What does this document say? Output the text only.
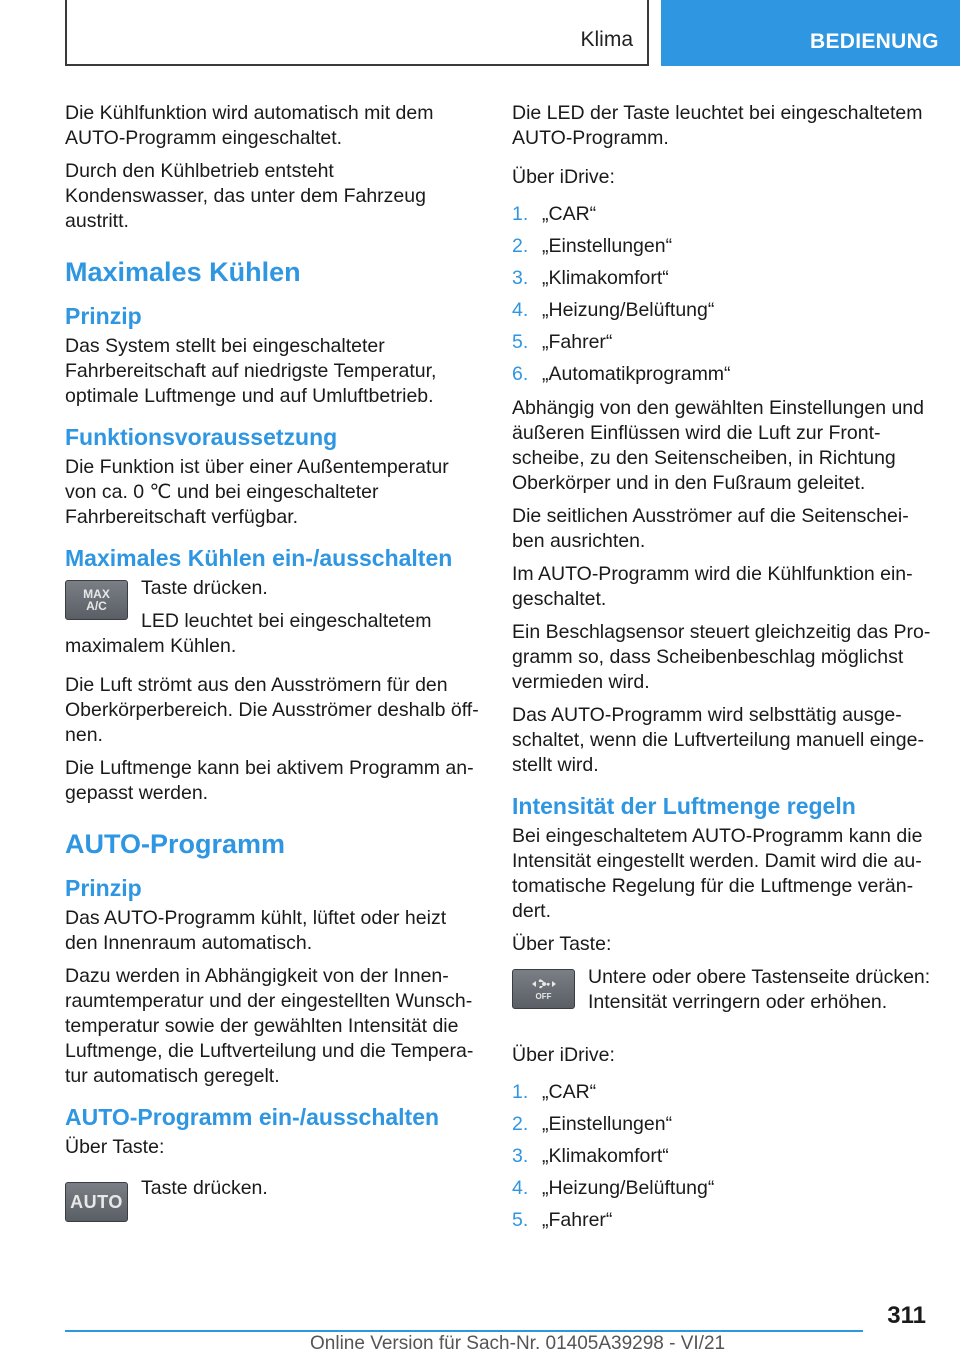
Klima	BEDIENUNG

Die Kühlfunktion wird automatisch mit dem AUTO-Programm eingeschaltet.

Durch den Kühlbetrieb entsteht Kondenswasser, das unter dem Fahrzeug austritt.

Maximales Kühlen
Prinzip

Das System stellt bei eingeschalteter Fahrbereitschaft auf niedrigste Temperatur, optimale Luftmenge und auf Umluftbetrieb.

Funktionsvoraussetzung

Die Funktion ist über einer Außentemperatur von ca. 0 ℃ und bei eingeschalteter Fahrbereitschaft verfügbar.

Maximales Kühlen ein-/ausschalten
MAX
A/C

Taste drücken.

LED leuchtet bei eingeschaltetem maximalem Kühlen.

Die Luft strömt aus den Ausströmern für den Oberkörperbereich. Die Ausströmer deshalb öffnen.

Die Luftmenge kann bei aktivem Programm angepasst werden.

AUTO-Programm
Prinzip

Das AUTO-Programm kühlt, lüftet oder heizt den Innenraum automatisch.

Dazu werden in Abhängigkeit von der Innenraumtemperatur und der eingestellten Wunschtemperatur sowie der gewählten Intensität die Luftmenge, die Luftverteilung und die Temperatur automatisch geregelt.

AUTO-Programm ein-/ausschalten

Über Taste:

AUTO

Taste drücken.

Die LED der Taste leuchtet bei eingeschaltetem AUTO-Programm.

Über iDrive:

1. „CAR“
2. „Einstellungen“
3. „Klimakomfort“
4. „Heizung/Belüftung“
5. „Fahrer“
6. „Automatikprogramm“

Abhängig von den gewählten Einstellungen und äußeren Einflüssen wird die Luft zur Frontscheibe, zu den Seitenscheiben, in Richtung Oberkörper und in den Fußraum geleitet.

Die seitlichen Ausströmer auf die Seitenscheiben ausrichten.

Im AUTO-Programm wird die Kühlfunktion eingeschaltet.

Ein Beschlagsensor steuert gleichzeitig das Programm so, dass Scheibenbeschlag möglichst vermieden wird.

Das AUTO-Programm wird selbsttätig ausgeschaltet, wenn die Luftverteilung manuell eingestellt wird.

Intensität der Luftmenge regeln

Bei eingeschaltetem AUTO-Programm kann die Intensität eingestellt werden. Damit wird die automatische Regelung für die Luftmenge verändert.

Über Taste:

OFF

Untere oder obere Tastenseite drücken: Intensität verringern oder erhöhen.

Über iDrive:

1. „CAR“
2. „Einstellungen“
3. „Klimakomfort“
4. „Heizung/Belüftung“
5. „Fahrer“
311
Online Version für Sach-Nr. 01405A39298 - VI/21
